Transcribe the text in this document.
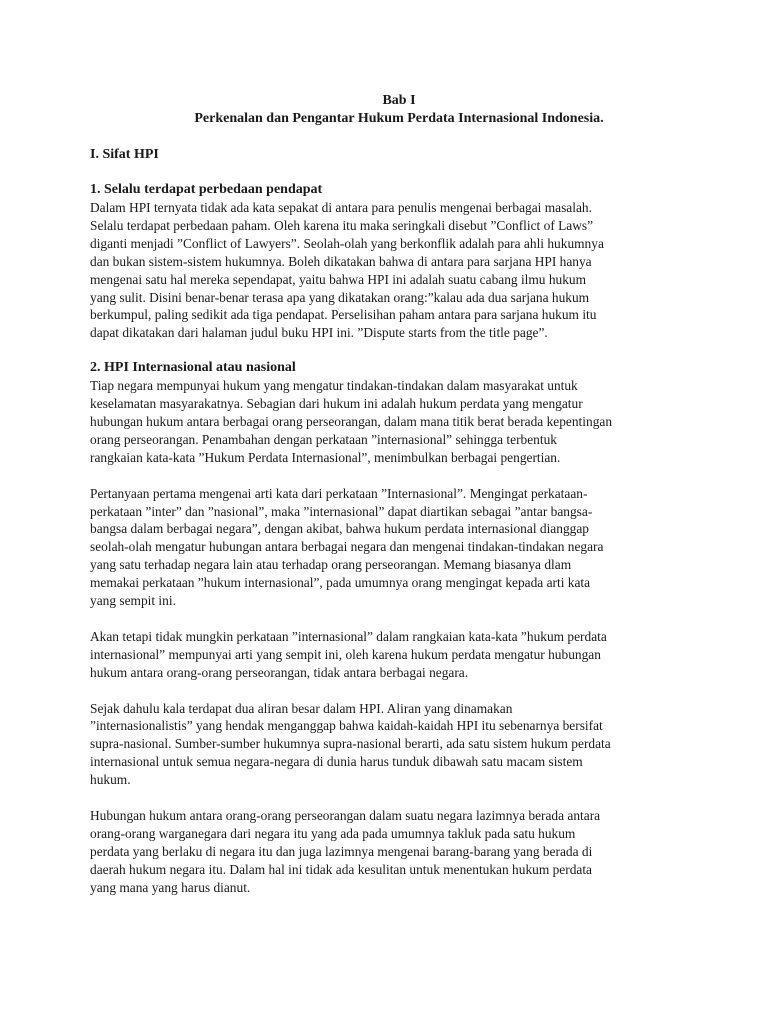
Bab I
Perkenalan dan Pengantar Hukum Perdata Internasional Indonesia.
I. Sifat HPI
1. Selalu terdapat perbedaan pendapat
Dalam HPI ternyata tidak ada kata sepakat di antara para penulis mengenai berbagai masalah.
Selalu terdapat perbedaan paham. Oleh karena itu maka seringkali disebut ”Conflict of Laws”
diganti menjadi ”Conflict of Lawyers”. Seolah-olah yang berkonflik adalah para ahli hukumnya
dan bukan sistem-sistem hukumnya. Boleh dikatakan bahwa di antara para sarjana HPI hanya
mengenai satu hal mereka sependapat, yaitu bahwa HPI ini adalah suatu cabang ilmu hukum
yang sulit. Disini benar-benar terasa apa yang dikatakan orang:”kalau ada dua sarjana hukum
berkumpul, paling sedikit ada tiga pendapat. Perselisihan paham antara para sarjana hukum itu
dapat dikatakan dari halaman judul buku HPI ini. ”Dispute starts from the title page”.
2. HPI Internasional atau nasional
Tiap negara mempunyai hukum yang mengatur tindakan-tindakan dalam masyarakat untuk
keselamatan masyarakatnya. Sebagian dari hukum ini adalah hukum perdata yang mengatur
hubungan hukum antara berbagai orang perseorangan, dalam mana titik berat berada kepentingan
orang perseorangan. Penambahan dengan perkataan ”internasional” sehingga terbentuk
rangkaian kata-kata ”Hukum Perdata Internasional”, menimbulkan berbagai pengertian.
Pertanyaan pertama mengenai arti kata dari perkataan ”Internasional”. Mengingat perkataan-
perkataan ”inter” dan ”nasional”, maka ”internasional” dapat diartikan sebagai ”antar bangsa-
bangsa dalam berbagai negara”, dengan akibat, bahwa hukum perdata internasional dianggap
seolah-olah mengatur hubungan antara berbagai negara dan mengenai tindakan-tindakan negara
yang satu terhadap negara lain atau terhadap orang perseorangan. Memang biasanya dlam
memakai perkataan ”hukum internasional”, pada umumnya orang mengingat kepada arti kata
yang sempit ini.
Akan tetapi tidak mungkin perkataan ”internasional” dalam rangkaian kata-kata ”hukum perdata
internasional” mempunyai arti yang sempit ini, oleh karena hukum perdata mengatur hubungan
hukum antara orang-orang perseorangan, tidak antara berbagai negara.
Sejak dahulu kala terdapat dua aliran besar dalam HPI. Aliran yang dinamakan
”internasionalistis” yang hendak menganggap bahwa kaidah-kaidah HPI itu sebenarnya bersifat
supra-nasional. Sumber-sumber hukumnya supra-nasional berarti, ada satu sistem hukum perdata
internasional untuk semua negara-negara di dunia harus tunduk dibawah satu macam sistem
hukum.
Hubungan hukum antara orang-orang perseorangan dalam suatu negara lazimnya berada antara
orang-orang warganegara dari negara itu yang ada pada umumnya takluk pada satu hukum
perdata yang berlaku di negara itu dan juga lazimnya mengenai barang-barang yang berada di
daerah hukum negara itu. Dalam hal ini tidak ada kesulitan untuk menentukan hukum perdata
yang mana yang harus dianut.
